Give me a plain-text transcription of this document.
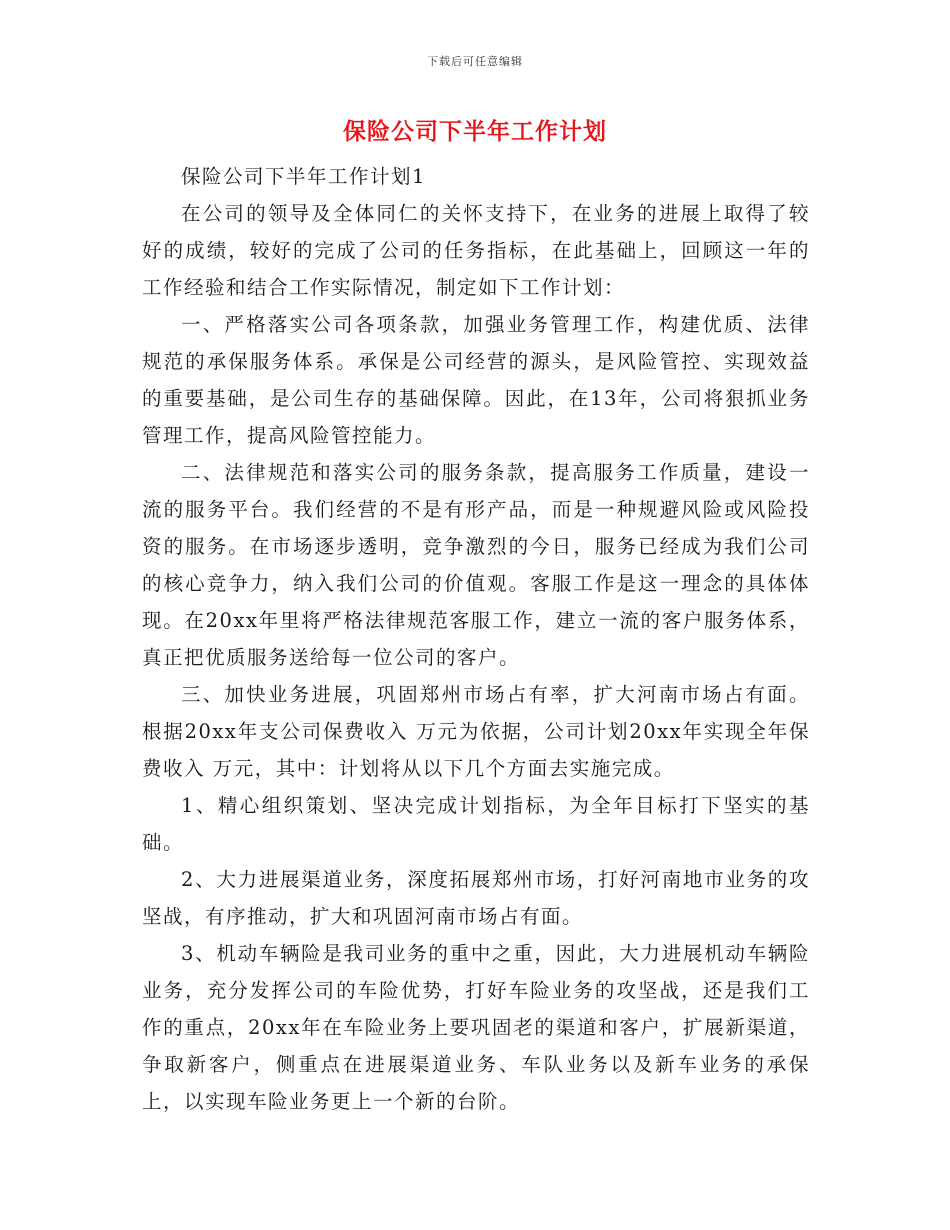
下载后可任意编辑
保险公司下半年工作计划

保险公司下半年工作计划1

在公司的领导及全体同仁的关怀支持下，在业务的进展上取得了较好的成绩，较好的完成了公司的任务指标，在此基础上，回顾这一年的工作经验和结合工作实际情况，制定如下工作计划：

一、严格落实公司各项条款，加强业务管理工作，构建优质、法律规范的承保服务体系。承保是公司经营的源头，是风险管控、实现效益的重要基础，是公司生存的基础保障。因此，在13年，公司将狠抓业务管理工作，提高风险管控能力。

二、法律规范和落实公司的服务条款，提高服务工作质量，建设一流的服务平台。我们经营的不是有形产品，而是一种规避风险或风险投资的服务。在市场逐步透明，竞争激烈的今日，服务已经成为我们公司的核心竞争力，纳入我们公司的价值观。客服工作是这一理念的具体体现。在20xx年里将严格法律规范客服工作，建立一流的客户服务体系，真正把优质服务送给每一位公司的客户。

三、加快业务进展，巩固郑州市场占有率，扩大河南市场占有面。根据20xx年支公司保费收入 万元为依据，公司计划20xx年实现全年保费收入 万元，其中：计划将从以下几个方面去实施完成。

1、精心组织策划、坚决完成计划指标，为全年目标打下坚实的基础。

2、大力进展渠道业务，深度拓展郑州市场，打好河南地市业务的攻坚战，有序推动，扩大和巩固河南市场占有面。

3、机动车辆险是我司业务的重中之重，因此，大力进展机动车辆险业务，充分发挥公司的车险优势，打好车险业务的攻坚战，还是我们工作的重点，20xx年在车险业务上要巩固老的渠道和客户，扩展新渠道，争取新客户，侧重点在进展渠道业务、车队业务以及新车业务的承保上，以实现车险业务更上一个新的台阶。
